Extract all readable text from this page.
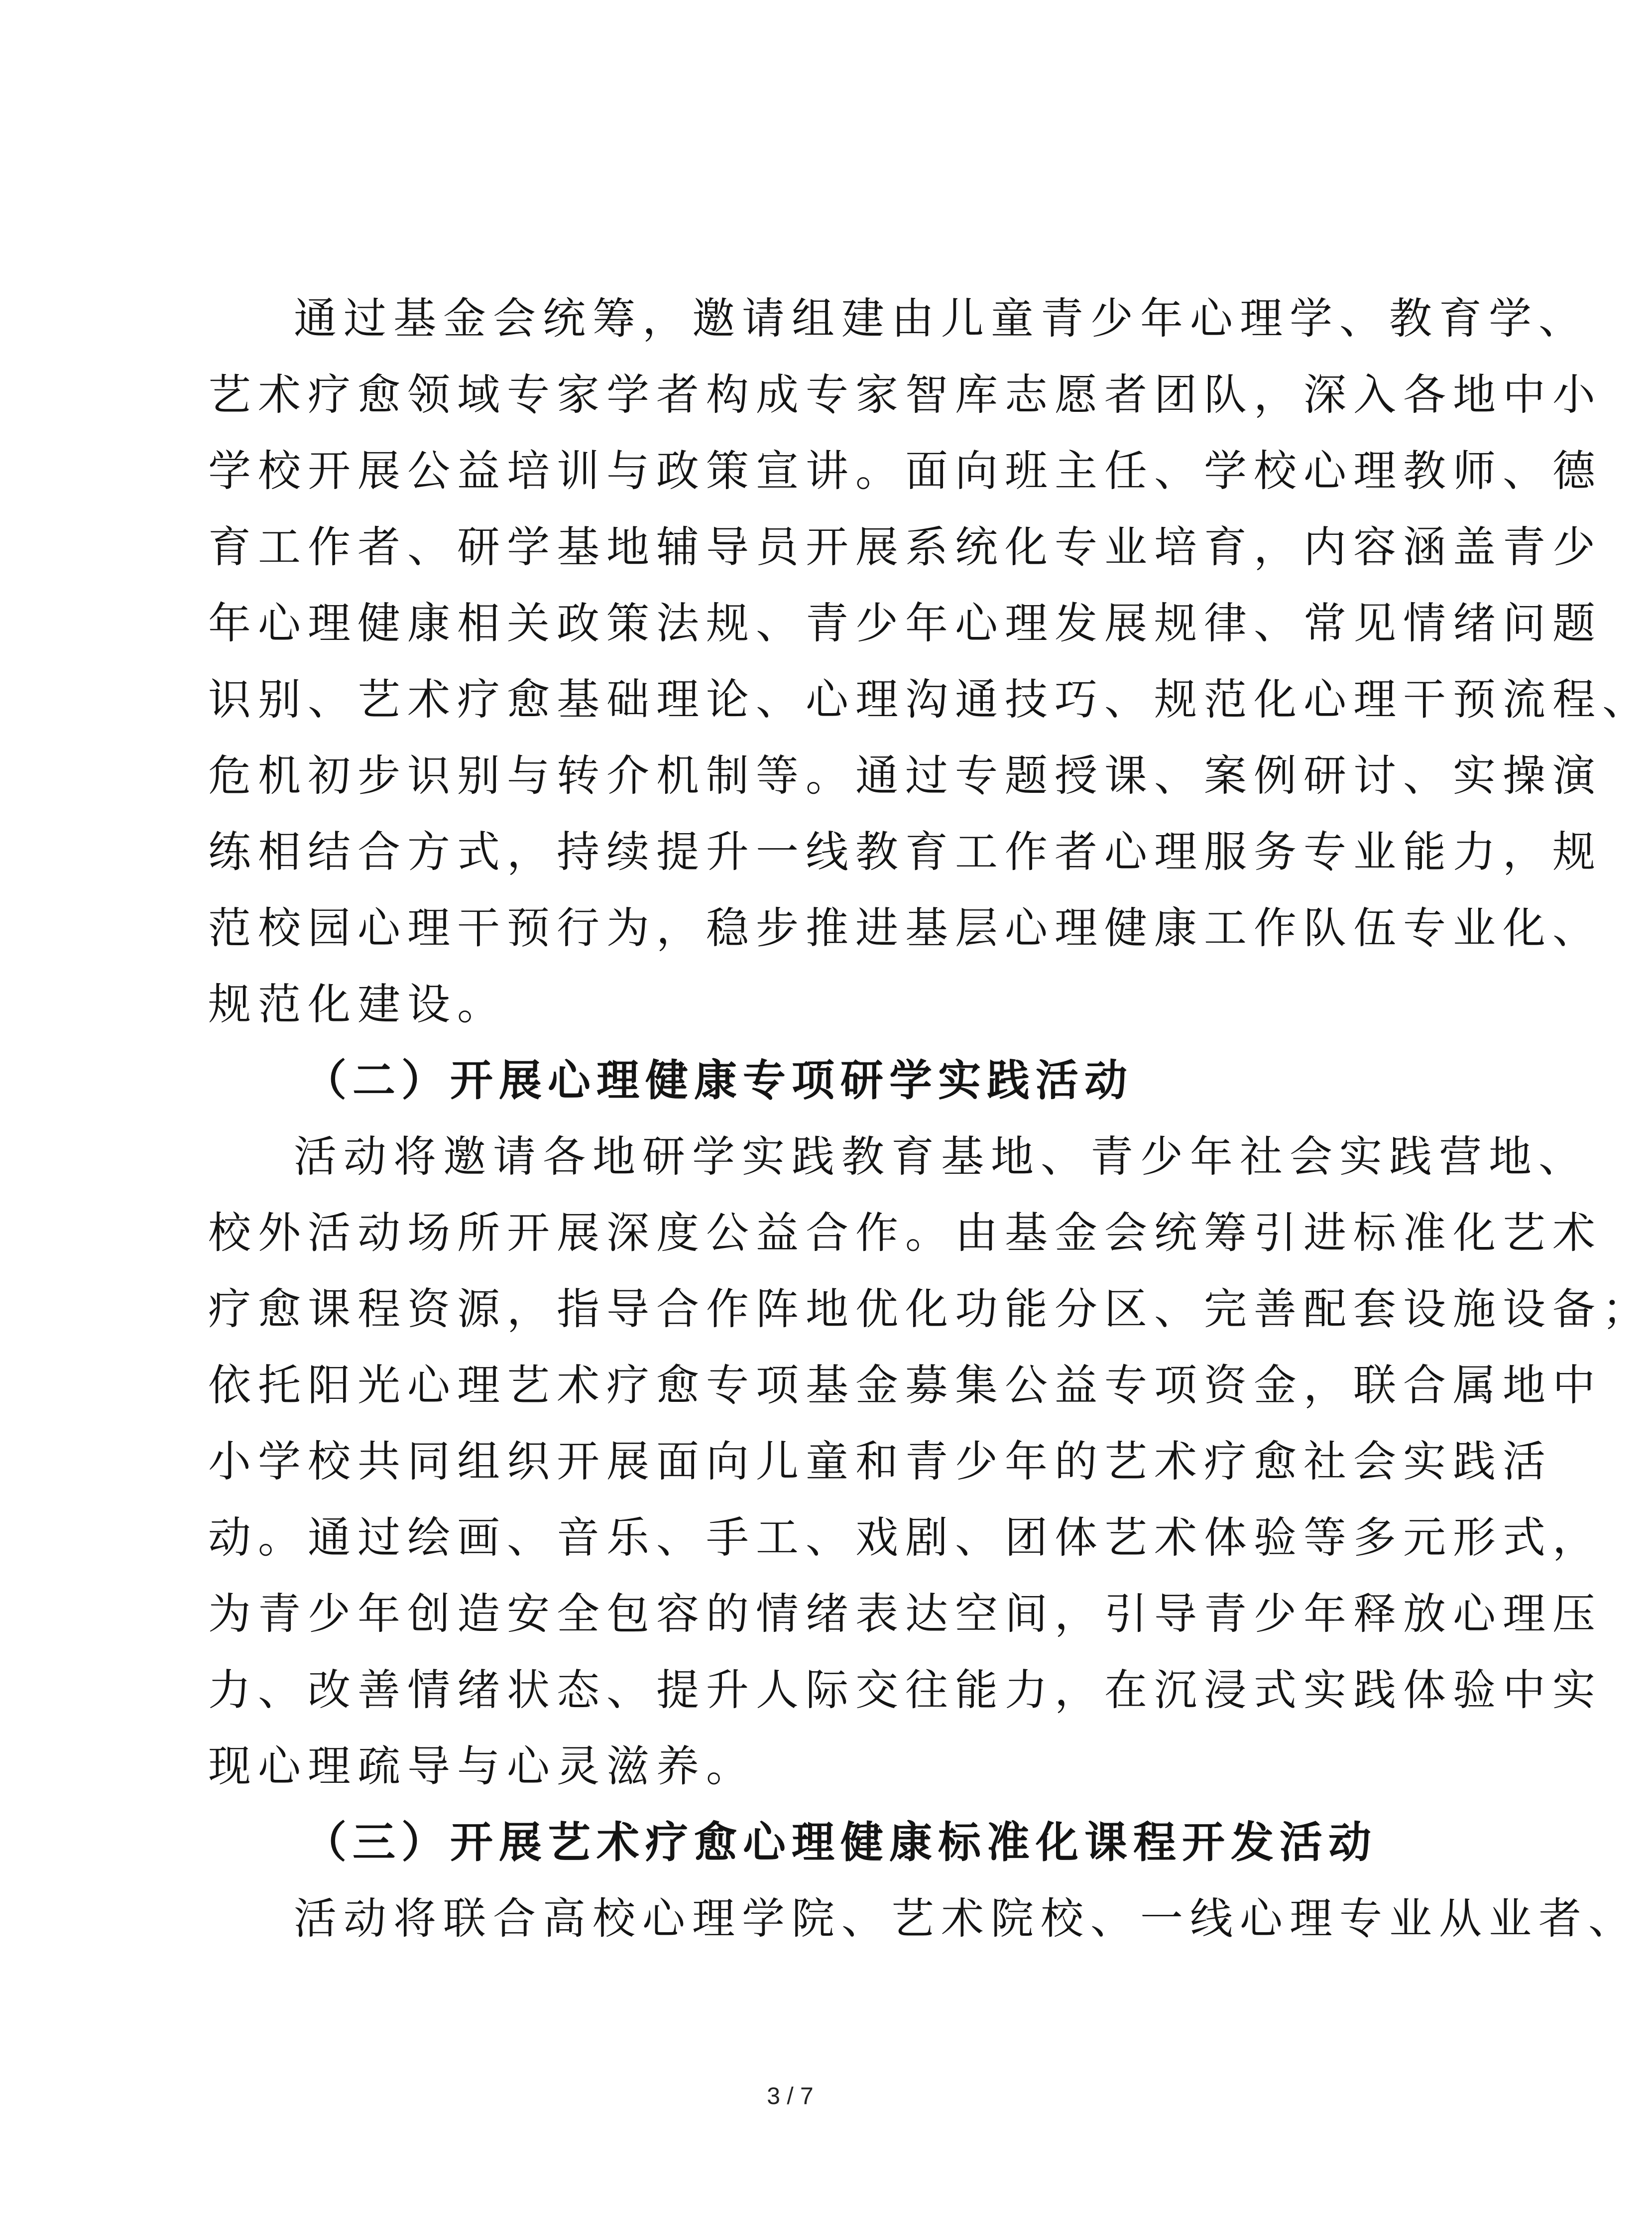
通过基金会统筹，邀请组建由儿童青少年心理学、教育学、
艺术疗愈领域专家学者构成专家智库志愿者团队，深入各地中小
学校开展公益培训与政策宣讲。面向班主任、学校心理教师、德
育工作者、研学基地辅导员开展系统化专业培育，内容涵盖青少
年心理健康相关政策法规、青少年心理发展规律、常见情绪问题
识别、艺术疗愈基础理论、心理沟通技巧、规范化心理干预流程、
危机初步识别与转介机制等。通过专题授课、案例研讨、实操演
练相结合方式，持续提升一线教育工作者心理服务专业能力，规
范校园心理干预行为，稳步推进基层心理健康工作队伍专业化、
规范化建设。
（二）开展心理健康专项研学实践活动
活动将邀请各地研学实践教育基地、青少年社会实践营地、
校外活动场所开展深度公益合作。由基金会统筹引进标准化艺术
疗愈课程资源，指导合作阵地优化功能分区、完善配套设施设备；
依托阳光心理艺术疗愈专项基金募集公益专项资金，联合属地中
小学校共同组织开展面向儿童和青少年的艺术疗愈社会实践活
动。通过绘画、音乐、手工、戏剧、团体艺术体验等多元形式，
为青少年创造安全包容的情绪表达空间，引导青少年释放心理压
力、改善情绪状态、提升人际交往能力，在沉浸式实践体验中实
现心理疏导与心灵滋养。
（三）开展艺术疗愈心理健康标准化课程开发活动
活动将联合高校心理学院、艺术院校、一线心理专业从业者、
3 / 7
